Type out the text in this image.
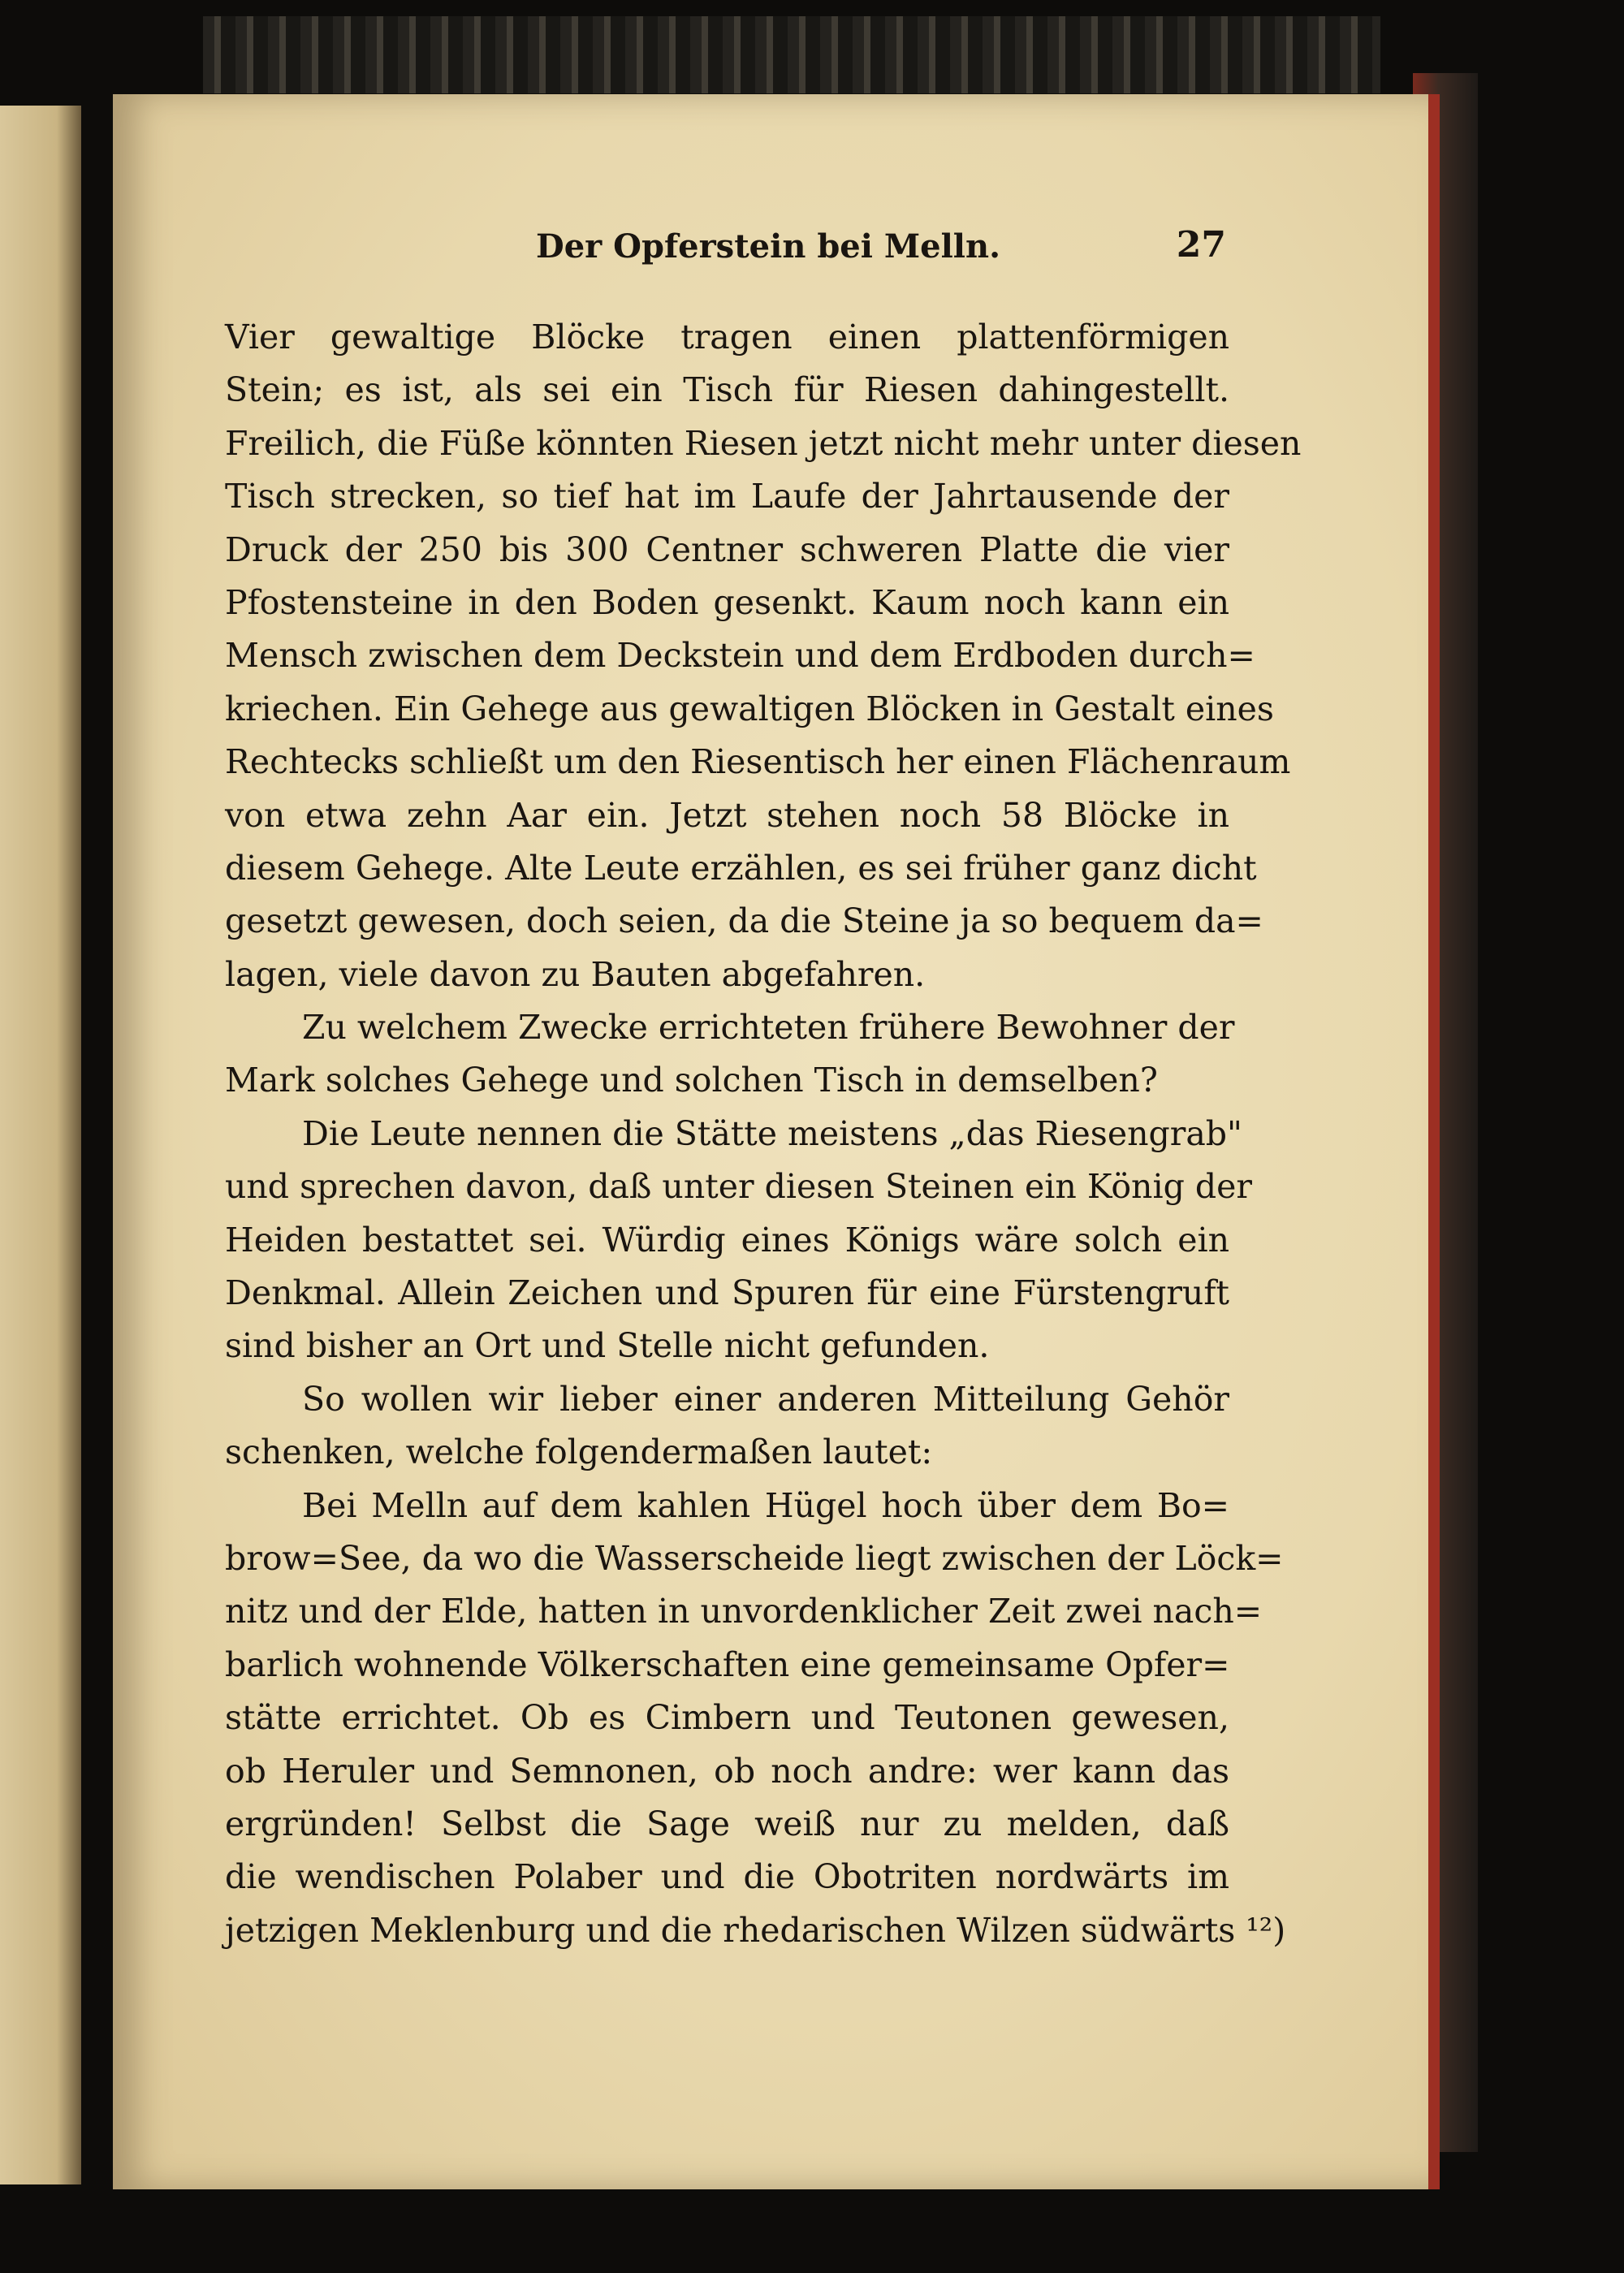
Der Opferstein bei Melln.	27
Vier gewaltige Blöcke tragen einen plattenförmigen
Stein; es ist, als sei ein Tisch für Riesen dahingestellt.
Freilich, die Füße könnten Riesen jetzt nicht mehr unter diesen
Tisch strecken, so tief hat im Laufe der Jahrtausende der
Druck der 250 bis 300 Centner schweren Platte die vier
Pfostensteine in den Boden gesenkt. Kaum noch kann ein
Mensch zwischen dem Deckstein und dem Erdboden durch=
kriechen. Ein Gehege aus gewaltigen Blöcken in Gestalt eines
Rechtecks schließt um den Riesentisch her einen Flächenraum
von etwa zehn Aar ein. Jetzt stehen noch 58 Blöcke in
diesem Gehege. Alte Leute erzählen, es sei früher ganz dicht
gesetzt gewesen, doch seien, da die Steine ja so bequem da=
lagen, viele davon zu Bauten abgefahren.
Zu welchem Zwecke errichteten frühere Bewohner der
Mark solches Gehege und solchen Tisch in demselben?
Die Leute nennen die Stätte meistens „das Riesengrab"
und sprechen davon, daß unter diesen Steinen ein König der
Heiden bestattet sei. Würdig eines Königs wäre solch ein
Denkmal. Allein Zeichen und Spuren für eine Fürstengruft
sind bisher an Ort und Stelle nicht gefunden.
So wollen wir lieber einer anderen Mitteilung Gehör
schenken, welche folgendermaßen lautet:
Bei Melln auf dem kahlen Hügel hoch über dem Bo=
brow=See, da wo die Wasserscheide liegt zwischen der Löck=
nitz und der Elde, hatten in unvordenklicher Zeit zwei nach=
barlich wohnende Völkerschaften eine gemeinsame Opfer=
stätte errichtet. Ob es Cimbern und Teutonen gewesen,
ob Heruler und Semnonen, ob noch andre: wer kann das
ergründen! Selbst die Sage weiß nur zu melden, daß
die wendischen Polaber und die Obotriten nordwärts im
jetzigen Meklenburg und die rhedarischen Wilzen südwärts ¹²)
